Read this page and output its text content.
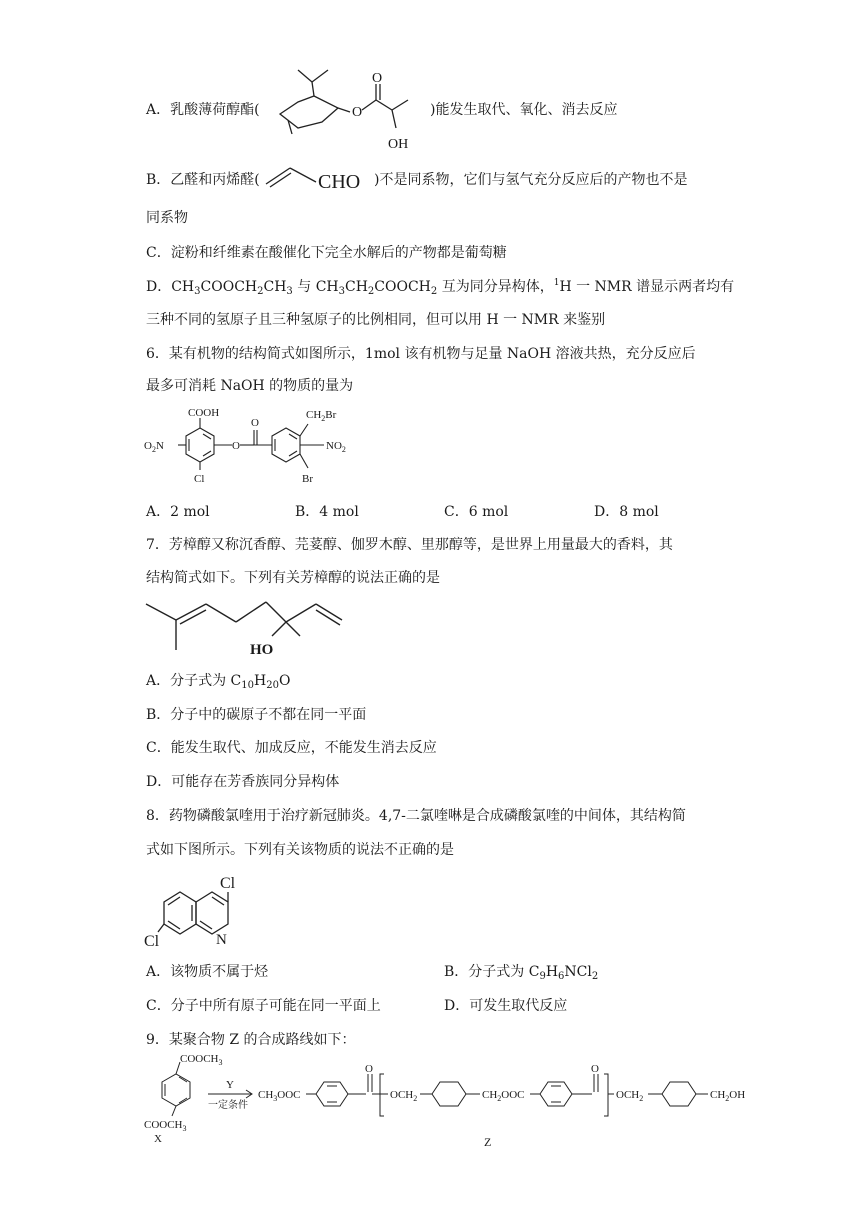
A．乳酸薄荷醇酯(	O
O
OH
)能发生取代、氧化、消去反应
B．乙醛和丙烯醛(	CHO )不是同系物，它们与氢气充分反应后的产物也不是
同系物
C．淀粉和纤维素在酸催化下完全水解后的产物都是葡萄糖
D．$CH_3COOCH_2CH_3$ 与 $CH_3CH_2COOCH_2$ 互为同分异构体，$^1$H 一 NMR 谱显示两者均有
三种不同的氢原子且三种氢原子的比例相同，但可以用 H 一 NMR 来鉴别
6．某有机物的结构简式如图所示，1mol 该有机物与足量 NaOH 溶液共热，充分反应后
最多可消耗 NaOH 的物质的量为
COOH
$O_2N$
Cl
O
O
$CH_2Br$
$NO_2$
Br
A．2 mol	B．4 mol	C．6 mol	D．8 mol
7．芳樟醇又称沉香醇、芫荽醇、伽罗木醇、里那醇等，是世界上用量最大的香料，其
结构简式如下。下列有关芳樟醇的说法正确的是
HO
A．分子式为 $C_{10}H_{20}O$
B．分子中的碳原子不都在同一平面
C．能发生取代、加成反应，不能发生消去反应
D．可能存在芳香族同分异构体
8．药物磷酸氯喹用于治疗新冠肺炎。4,7-二氯喹啉是合成磷酸氯喹的中间体，其结构简
式如下图所示。下列有关该物质的说法不正确的是
Cl
Cl	N
A．该物质不属于烃	B．分子式为 $C_9H_6NCl_2$
C．分子中所有原子可能在同一平面上	D．可发生取代反应
9．某聚合物 Z 的合成路线如下：
$COOCH_3$
$COOCH_3$
X
Y
一定条件
$CH_3OOC$
O
$OCH_2$	$CH_2OOC$
O
$OCH_2$	$CH_2OH$
Z
